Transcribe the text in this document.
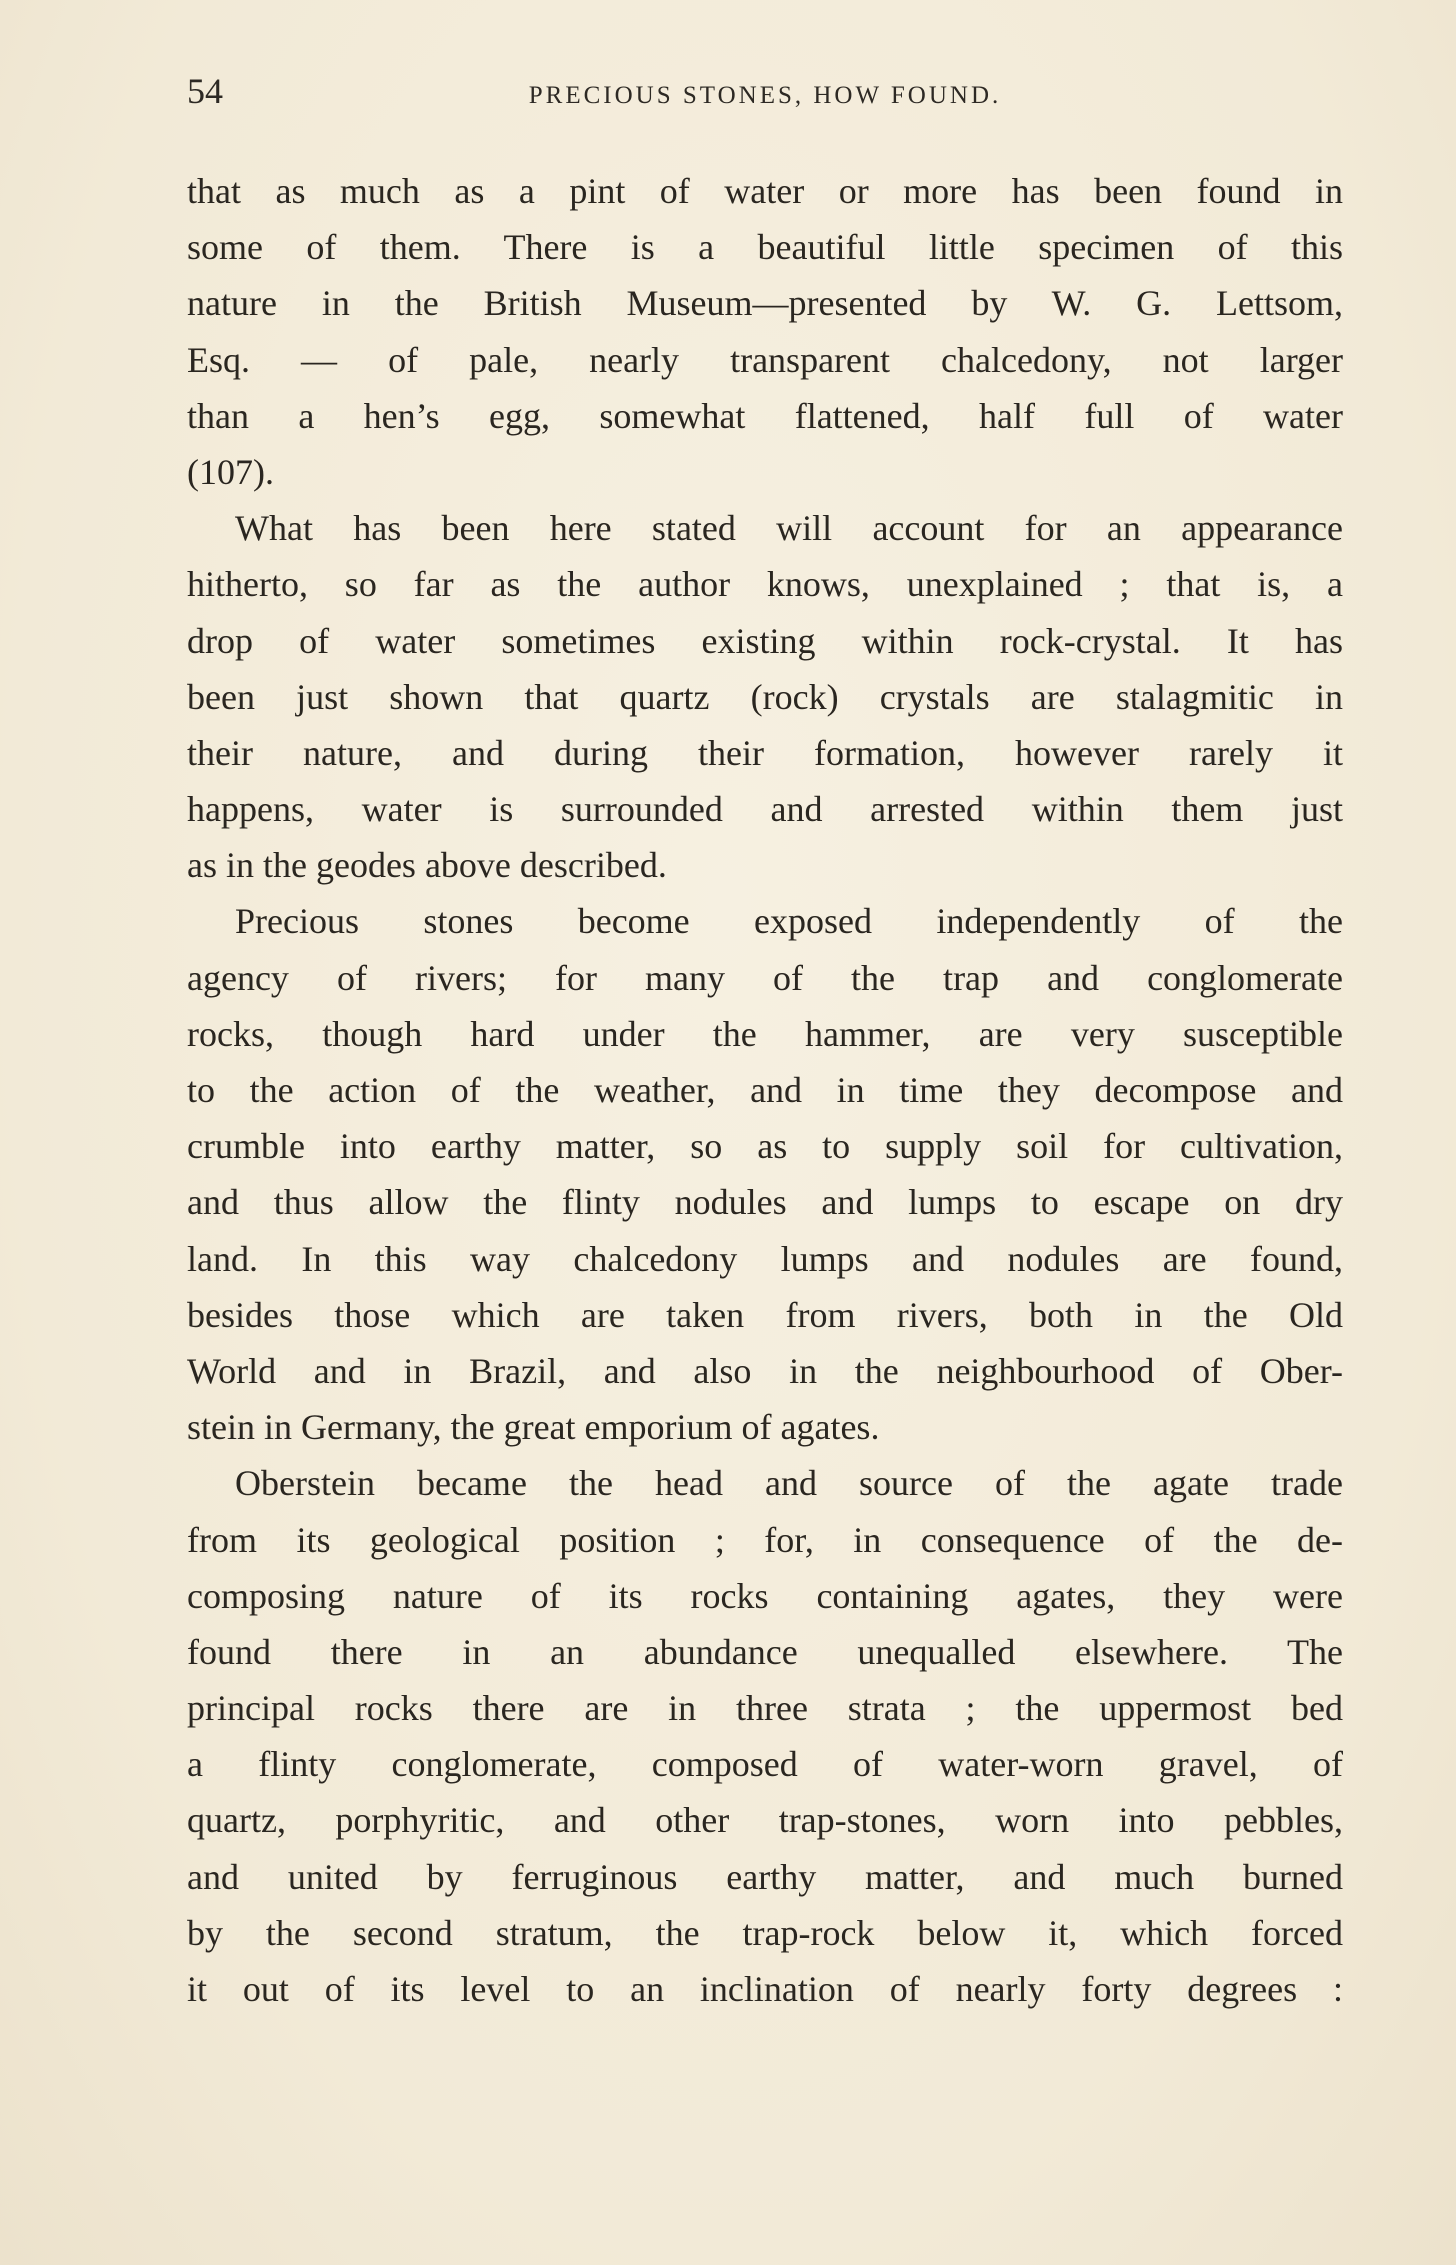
54	PRECIOUS STONES, HOW FOUND.
that as much as a pint of water or more has been found in
some of them. There is a beautiful little specimen of this
nature in the British Museum—presented by W. G. Lettsom,
Esq. — of pale, nearly transparent chalcedony, not larger
than a hen’s egg, somewhat flattened, half full of water
(107).
What has been here stated will account for an appearance
hitherto, so far as the author knows, unexplained ; that is, a
drop of water sometimes existing within rock-crystal. It has
been just shown that quartz (rock) crystals are stalagmitic in
their nature, and during their formation, however rarely it
happens, water is surrounded and arrested within them just
as in the geodes above described.
Precious stones become exposed independently of the
agency of rivers; for many of the trap and conglomerate
rocks, though hard under the hammer, are very susceptible
to the action of the weather, and in time they decompose and
crumble into earthy matter, so as to supply soil for cultivation,
and thus allow the flinty nodules and lumps to escape on dry
land. In this way chalcedony lumps and nodules are found,
besides those which are taken from rivers, both in the Old
World and in Brazil, and also in the neighbourhood of Ober-
stein in Germany, the great emporium of agates.
Oberstein became the head and source of the agate trade
from its geological position ; for, in consequence of the de-
composing nature of its rocks containing agates, they were
found there in an abundance unequalled elsewhere. The
principal rocks there are in three strata ; the uppermost bed
a flinty conglomerate, composed of water-worn gravel, of
quartz, porphyritic, and other trap-stones, worn into pebbles,
and united by ferruginous earthy matter, and much burned
by the second stratum, the trap-rock below it, which forced
it out of its level to an inclination of nearly forty degrees :
